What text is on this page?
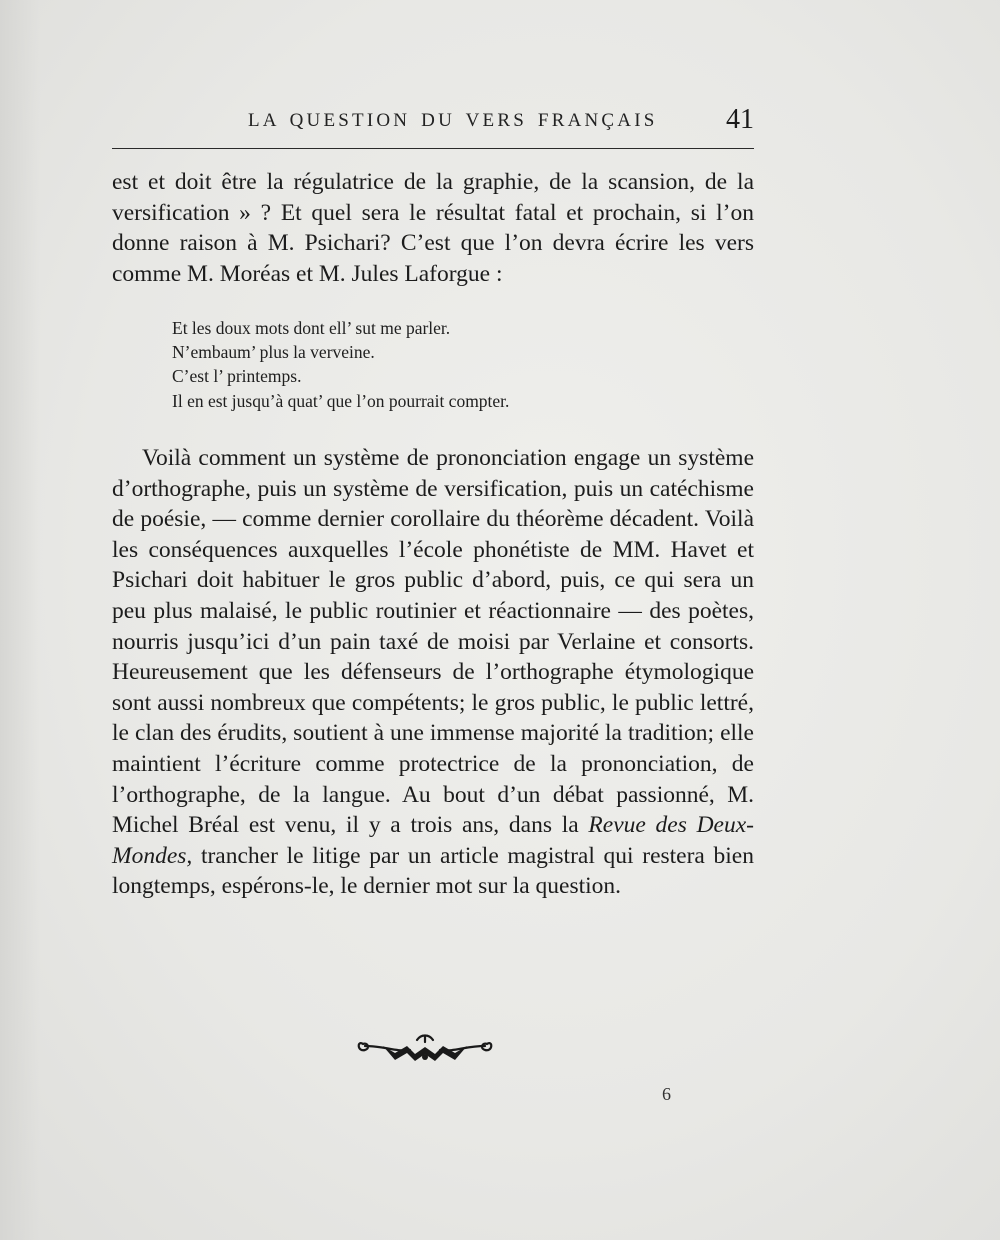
LA QUESTION DU VERS FRANÇAIS 41

est et doit être la régulatrice de la graphie, de la scansion, de la versification » ? Et quel sera le résultat fatal et prochain, si l’on donne raison à M. Psichari? C’est que l’on devra écrire les vers comme M. Moréas et M. Jules Laforgue :

Et les doux mots dont ell’ sut me parler.
N’embaum’ plus la verveine.
C’est l’ printemps.
Il en est jusqu’à quat’ que l’on pourrait compter.

Voilà comment un système de prononciation engage un système d’orthographe, puis un système de versification, puis un catéchisme de poésie, — comme dernier corollaire du théorème décadent. Voilà les conséquences auxquelles l’école phonétiste de MM. Havet et Psichari doit habituer le gros public d’abord, puis, ce qui sera un peu plus malaisé, le public routinier et réactionnaire — des poètes, nourris jusqu’ici d’un pain taxé de moisi par Verlaine et consorts. Heureusement que les défenseurs de l’orthographe étymologique sont aussi nombreux que compétents; le gros public, le public lettré, le clan des érudits, soutient à une immense majorité la tradition; elle maintient l’écriture comme protectrice de la prononciation, de l’orthographe, de la langue. Au bout d’un débat passionné, M. Michel Bréal est venu, il y a trois ans, dans la Revue des Deux-Mondes, trancher le litige par un article magistral qui restera bien longtemps, espérons-le, le dernier mot sur la question.

6
